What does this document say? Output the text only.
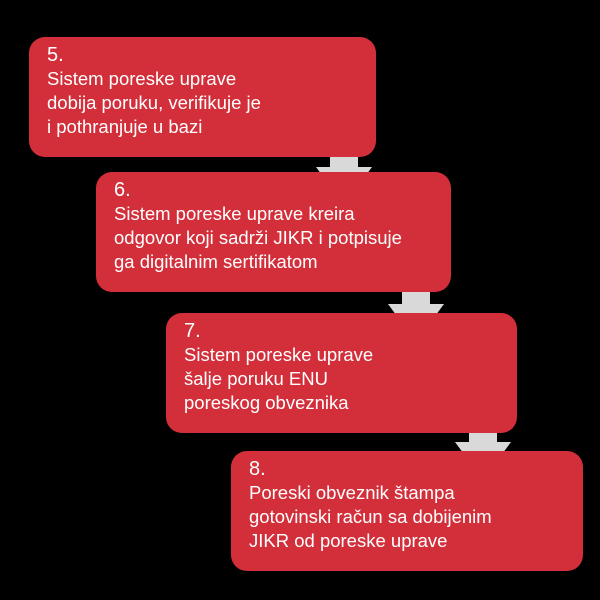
5.
Sistem poreske uprave
dobija poruku, verifikuje je
i pothranjuje u bazi
6.
Sistem poreske uprave kreira
odgovor koji sadrži JIKR i potpisuje
ga digitalnim sertifikatom
7.
Sistem poreske uprave
šalje poruku ENU
poreskog obveznika
8.
Poreski obveznik štampa
gotovinski račun sa dobijenim
JIKR od poreske uprave
